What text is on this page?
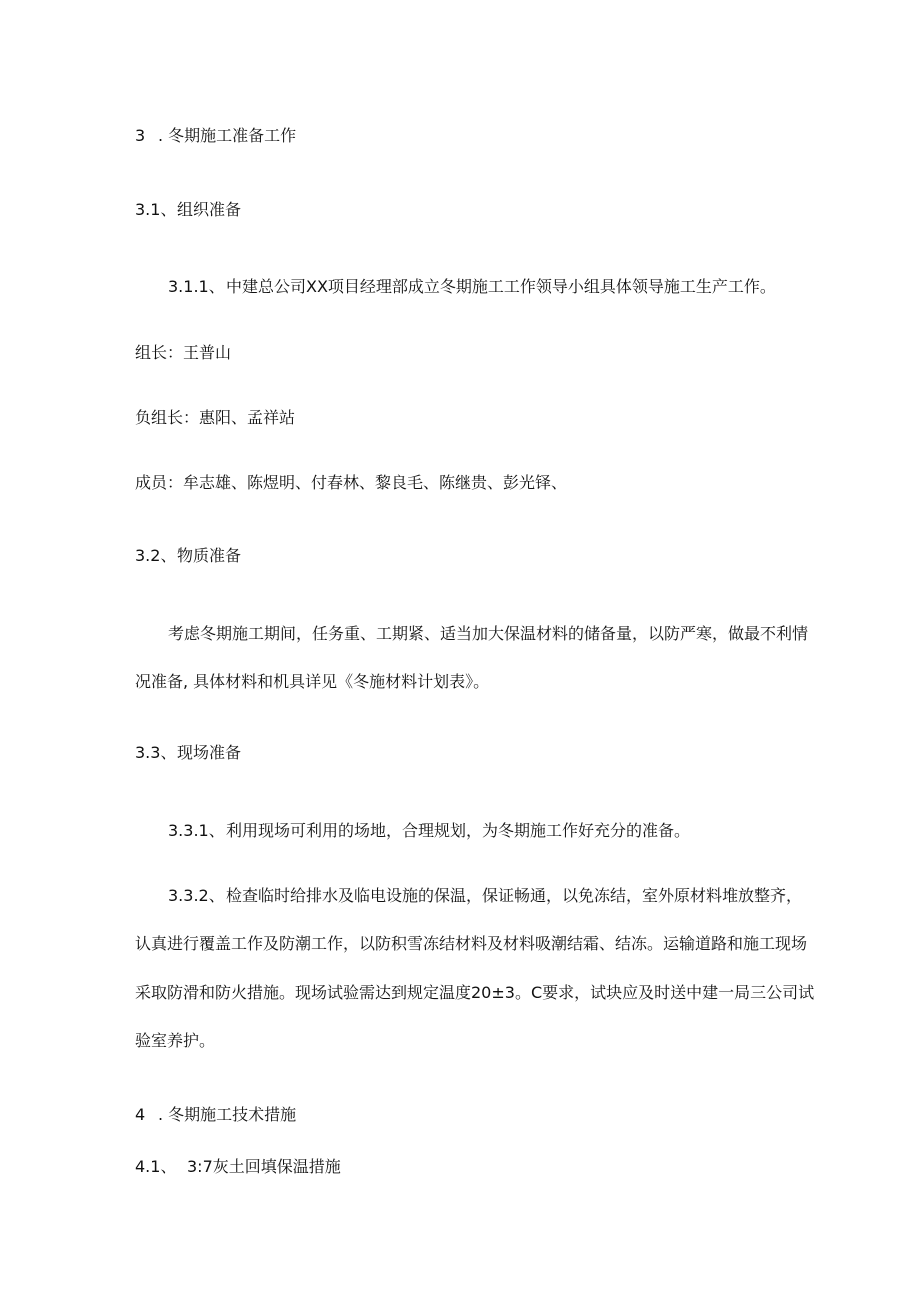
3 . 冬期施工准备工作
3.1、组织准备
3.1.1、中建总公司XX项目经理部成立冬期施工工作领导小组具体领导施工生产工作。
组长：王普山
负组长：惠阳、孟祥站
成员：牟志雄、陈煜明、付春林、黎良毛、陈继贵、彭光铎、
3.2、物质准备
考虑冬期施工期间，任务重、工期紧、适当加大保温材料的储备量，以防严寒，做最不利情
况准备, 具体材料和机具详见《冬施材料计划表》。
3.3、现场准备
3.3.1、利用现场可利用的场地，合理规划，为冬期施工作好充分的准备。
3.3.2、检查临时给排水及临电设施的保温，保证畅通，以免冻结，室外原材料堆放整齐，
认真进行覆盖工作及防潮工作，以防积雪冻结材料及材料吸潮结霜、结冻。运输道路和施工现场
采取防滑和防火措施。现场试验需达到规定温度20±3。C要求，试块应及时送中建一局三公司试
验室养护。
4 . 冬期施工技术措施
4.1、 3:7灰土回填保温措施
